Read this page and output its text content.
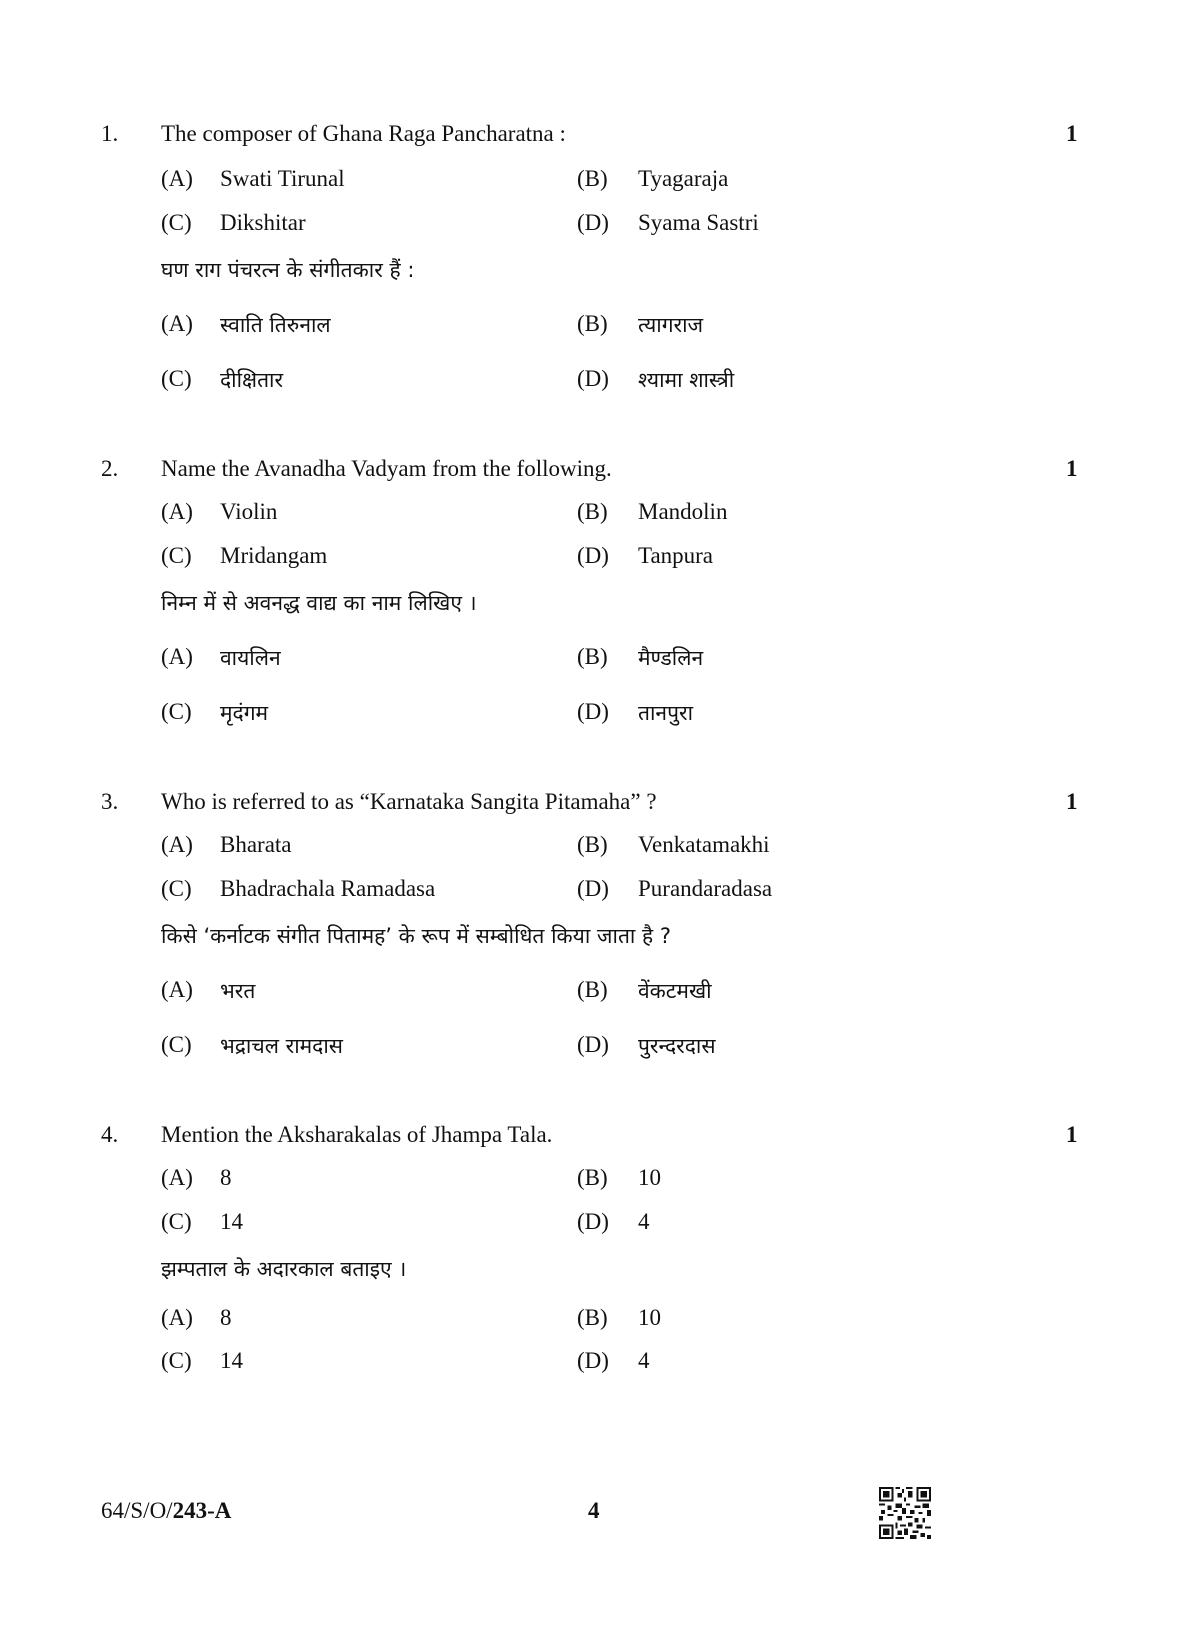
1. The composer of Ghana Raga Pancharatna :	1
(A) Swati Tirunal	(B) Tyagaraja
(C) Dikshitar	(D) Syama Sastri
घण राग पंचरत्न के संगीतकार हैं :
(A) स्वाति तिरुनाल	(B) त्यागराज
(C) दीक्षितार	(D) श्यामा शास्त्री
2. Name the Avanadha Vadyam from the following.	1
(A) Violin	(B) Mandolin
(C) Mridangam	(D) Tanpura
निम्न में से अवनद्ध वाद्य का नाम लिखिए ।
(A) वायलिन	(B) मैण्डलिन
(C) मृदंगम	(D) तानपुरा
3. Who is referred to as “Karnataka Sangita Pitamaha” ?	1
(A) Bharata	(B) Venkatamakhi
(C) Bhadrachala Ramadasa	(D) Purandaradasa
किसे ‘कर्नाटक संगीत पितामह’ के रूप में सम्बोधित किया जाता है ?
(A) भरत	(B) वेंकटमखी
(C) भद्राचल रामदास	(D) पुरन्दरदास
4. Mention the Aksharakalas of Jhampa Tala.	1
(A) 8	(B) 10
(C) 14	(D) 4
झम्पताल के अदारकाल बताइए ।
(A) 8	(B) 10
(C) 14	(D) 4
64/S/O/243-A	4
